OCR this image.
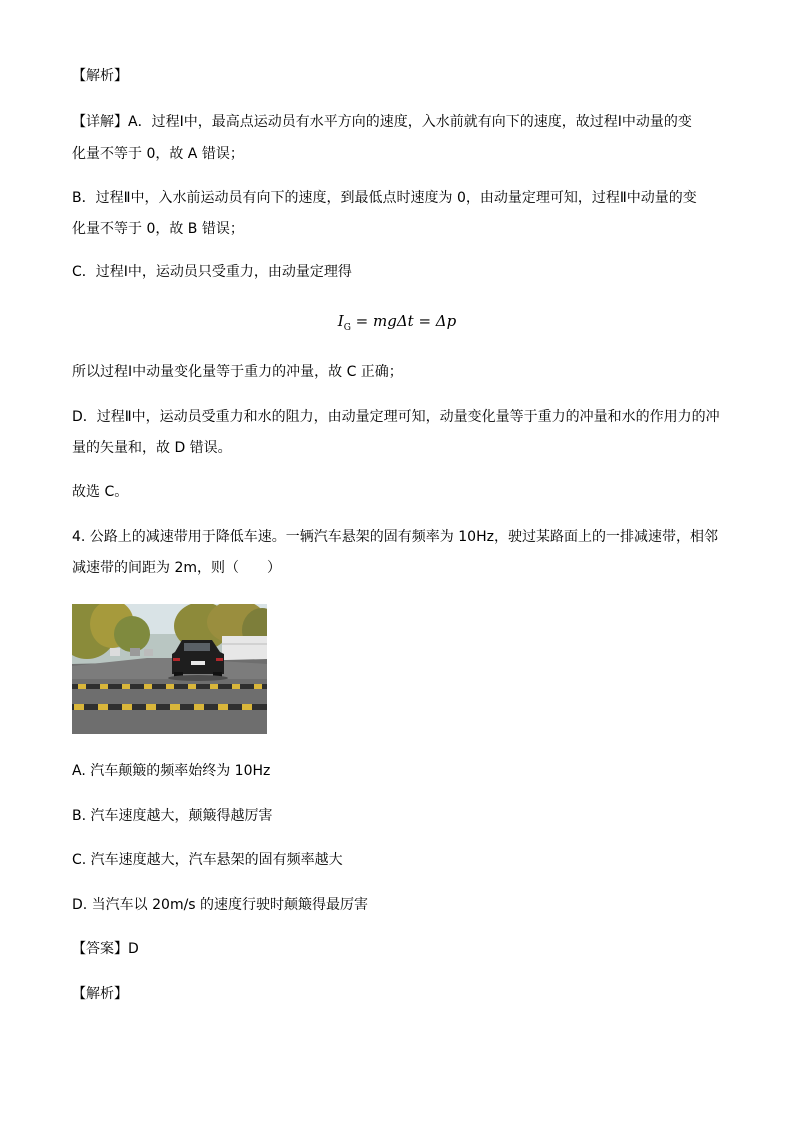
【解析】
【详解】A．过程Ⅰ中，最高点运动员有水平方向的速度，入水前就有向下的速度，故过程Ⅰ中动量的变
化量不等于 0，故 A 错误；
B．过程Ⅱ中，入水前运动员有向下的速度，到最低点时速度为 0，由动量定理可知，过程Ⅱ中动量的变
化量不等于 0，故 B 错误；
C．过程Ⅰ中，运动员只受重力，由动量定理得
$I_G = mg\Delta t = \Delta p$
所以过程Ⅰ中动量变化量等于重力的冲量，故 C 正确；
D．过程Ⅱ中，运动员受重力和水的阻力，由动量定理可知，动量变化量等于重力的冲量和水的作用力的冲
量的矢量和，故 D 错误。
故选 C。
4. 公路上的减速带用于降低车速。一辆汽车悬架的固有频率为 10Hz，驶过某路面上的一排减速带，相邻
减速带的间距为 2m，则（　　）
A. 汽车颠簸的频率始终为 10Hz
B. 汽车速度越大，颠簸得越厉害
C. 汽车速度越大，汽车悬架的固有频率越大
D. 当汽车以 20m/s 的速度行驶时颠簸得最厉害
【答案】D
【解析】
